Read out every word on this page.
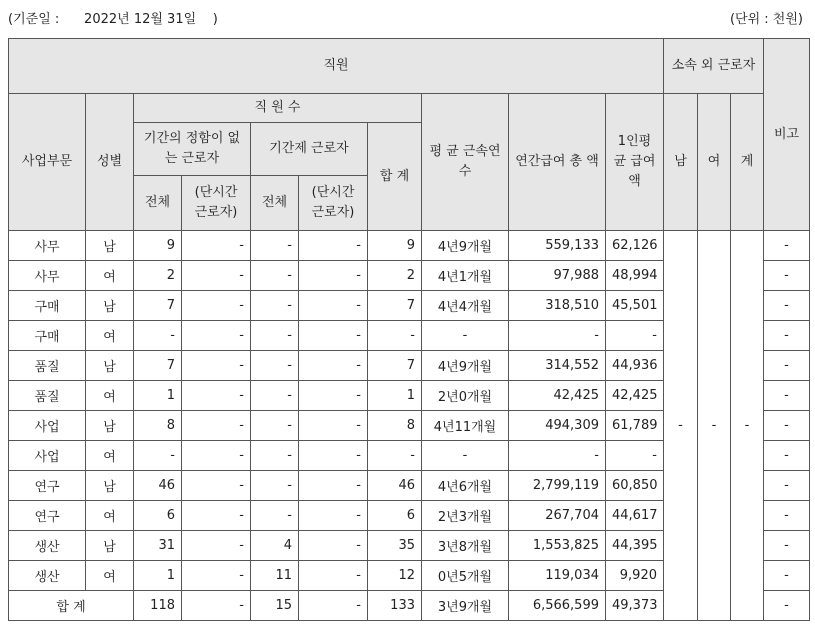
(기준일 :      2022년 12월 31일    )	(단위 : 천원)
직원										소속 외 근로자			비고
사업부문	성별	직 원 수					평 균 근속연수	연간급여 총 액	1인평균 급여액	남	여	계	
		기간의 정함이 없는 근로자		기간제 근로자		합 계							
		전체	(단시간 근로자)	전체	(단시간 근로자)								
사무	남	9	-	-	-	9	4년9개월	559,133	62,126	-	-	-	-
사무	여	2	-	-	-	2	4년1개월	97,988	48,994				-
구매	남	7	-	-	-	7	4년4개월	318,510	45,501				-
구매	여	-	-	-	-	-	-	-	-				-
품질	남	7	-	-	-	7	4년9개월	314,552	44,936				-
품질	여	1	-	-	-	1	2년0개월	42,425	42,425				-
사업	남	8	-	-	-	8	4년11개월	494,309	61,789				-
사업	여	-	-	-	-	-	-	-	-				-
연구	남	46	-	-	-	46	4년6개월	2,799,119	60,850				-
연구	여	6	-	-	-	6	2년3개월	267,704	44,617				-
생산	남	31	-	4	-	35	3년8개월	1,553,825	44,395				-
생산	여	1	-	11	-	12	0년5개월	119,034	9,920				-
합 계		118	-	15	-	133	3년9개월	6,566,599	49,373				-
